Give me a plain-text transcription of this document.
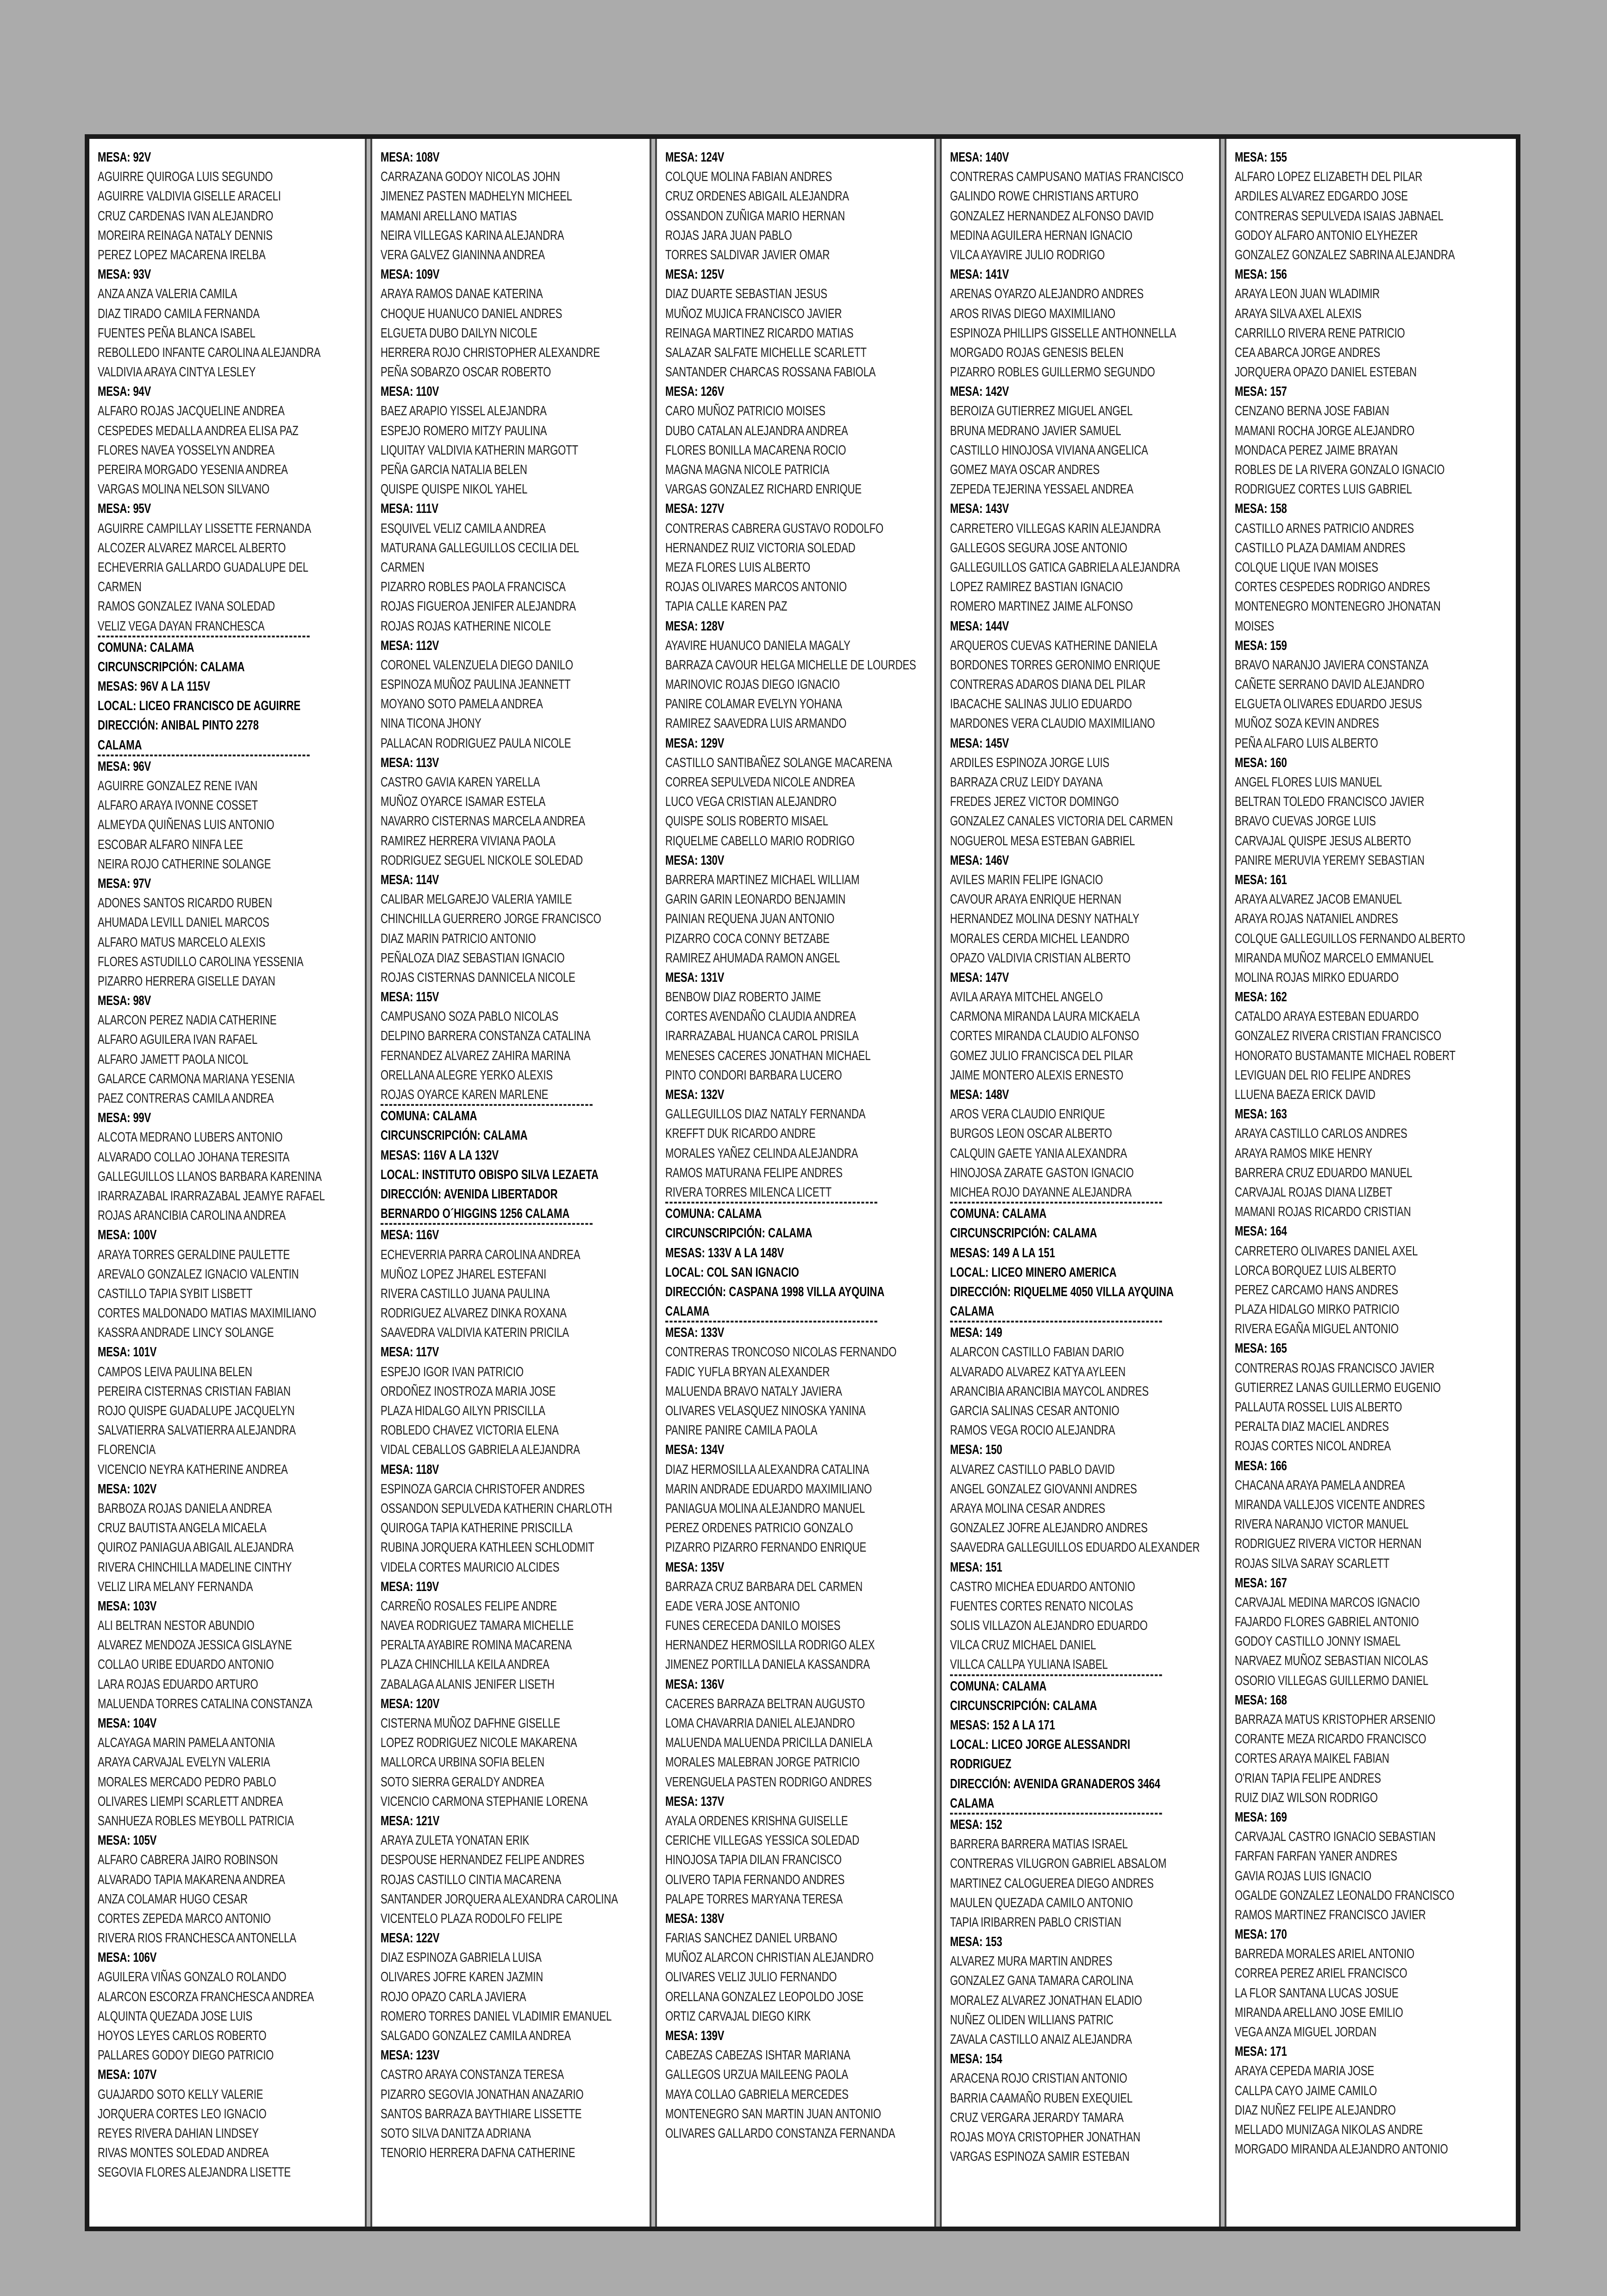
MESA: 92V
AGUIRRE QUIROGA LUIS SEGUNDO
AGUIRRE VALDIVIA GISELLE ARACELI
CRUZ CARDENAS IVAN ALEJANDRO
MOREIRA REINAGA NATALY DENNIS
PEREZ LOPEZ MACARENA IRELBA
MESA: 93V
ANZA ANZA VALERIA CAMILA
DIAZ TIRADO CAMILA FERNANDA
FUENTES PEÑA BLANCA ISABEL
REBOLLEDO INFANTE CAROLINA ALEJANDRA
VALDIVIA ARAYA CINTYA LESLEY
MESA: 94V
ALFARO ROJAS JACQUELINE ANDREA
CESPEDES MEDALLA ANDREA ELISA PAZ
FLORES NAVEA YOSSELYN ANDREA
PEREIRA MORGADO YESENIA ANDREA
VARGAS MOLINA NELSON SILVANO
MESA: 95V
AGUIRRE CAMPILLAY LISSETTE FERNANDA
ALCOZER ALVAREZ MARCEL ALBERTO
ECHEVERRIA GALLARDO GUADALUPE DEL
CARMEN
RAMOS GONZALEZ IVANA SOLEDAD
VELIZ VEGA DAYAN FRANCHESCA
COMUNA: CALAMA
CIRCUNSCRIPCIÓN: CALAMA
MESAS: 96V A LA 115V
LOCAL: LICEO FRANCISCO DE AGUIRRE
DIRECCIÓN: ANIBAL PINTO 2278
CALAMA
MESA: 96V
AGUIRRE GONZALEZ RENE IVAN
ALFARO ARAYA IVONNE COSSET
ALMEYDA QUIÑENAS LUIS ANTONIO
ESCOBAR ALFARO NINFA LEE
NEIRA ROJO CATHERINE SOLANGE
MESA: 97V
ADONES SANTOS RICARDO RUBEN
AHUMADA LEVILL DANIEL MARCOS
ALFARO MATUS MARCELO ALEXIS
FLORES ASTUDILLO CAROLINA YESSENIA
PIZARRO HERRERA GISELLE DAYAN
MESA: 98V
ALARCON PEREZ NADIA CATHERINE
ALFARO AGUILERA IVAN RAFAEL
ALFARO JAMETT PAOLA NICOL
GALARCE CARMONA MARIANA YESENIA
PAEZ CONTRERAS CAMILA ANDREA
MESA: 99V
ALCOTA MEDRANO LUBERS ANTONIO
ALVARADO COLLAO JOHANA TERESITA
GALLEGUILLOS LLANOS BARBARA KARENINA
IRARRAZABAL IRARRAZABAL JEAMYE RAFAEL
ROJAS ARANCIBIA CAROLINA ANDREA
MESA: 100V
ARAYA TORRES GERALDINE PAULETTE
AREVALO GONZALEZ IGNACIO VALENTIN
CASTILLO TAPIA SYBIT LISBETT
CORTES MALDONADO MATIAS MAXIMILIANO
KASSRA ANDRADE LINCY SOLANGE
MESA: 101V
CAMPOS LEIVA PAULINA BELEN
PEREIRA CISTERNAS CRISTIAN FABIAN
ROJO QUISPE GUADALUPE JACQUELYN
SALVATIERRA SALVATIERRA ALEJANDRA
FLORENCIA
VICENCIO NEYRA KATHERINE ANDREA
MESA: 102V
BARBOZA ROJAS DANIELA ANDREA
CRUZ BAUTISTA ANGELA MICAELA
QUIROZ PANIAGUA ABIGAIL ALEJANDRA
RIVERA CHINCHILLA MADELINE CINTHY
VELIZ LIRA MELANY FERNANDA
MESA: 103V
ALI BELTRAN NESTOR ABUNDIO
ALVAREZ MENDOZA JESSICA GISLAYNE
COLLAO URIBE EDUARDO ANTONIO
LARA ROJAS EDUARDO ARTURO
MALUENDA TORRES CATALINA CONSTANZA
MESA: 104V
ALCAYAGA MARIN PAMELA ANTONIA
ARAYA CARVAJAL EVELYN VALERIA
MORALES MERCADO PEDRO PABLO
OLIVARES LIEMPI SCARLETT ANDREA
SANHUEZA ROBLES MEYBOLL PATRICIA
MESA: 105V
ALFARO CABRERA JAIRO ROBINSON
ALVARADO TAPIA MAKARENA ANDREA
ANZA COLAMAR HUGO CESAR
CORTES ZEPEDA MARCO ANTONIO
RIVERA RIOS FRANCHESCA ANTONELLA
MESA: 106V
AGUILERA VIÑAS GONZALO ROLANDO
ALARCON ESCORZA FRANCHESCA ANDREA
ALQUINTA QUEZADA JOSE LUIS
HOYOS LEYES CARLOS ROBERTO
PALLARES GODOY DIEGO PATRICIO
MESA: 107V
GUAJARDO SOTO KELLY VALERIE
JORQUERA CORTES LEO IGNACIO
REYES RIVERA DAHIAN LINDSEY
RIVAS MONTES SOLEDAD ANDREA
SEGOVIA FLORES ALEJANDRA LISETTE
MESA: 108V
CARRAZANA GODOY NICOLAS JOHN
JIMENEZ PASTEN MADHELYN MICHEEL
MAMANI ARELLANO MATIAS
NEIRA VILLEGAS KARINA ALEJANDRA
VERA GALVEZ GIANINNA ANDREA
MESA: 109V
ARAYA RAMOS DANAE KATERINA
CHOQUE HUANUCO DANIEL ANDRES
ELGUETA DUBO DAILYN NICOLE
HERRERA ROJO CHRISTOPHER ALEXANDRE
PEÑA SOBARZO OSCAR ROBERTO
MESA: 110V
BAEZ ARAPIO YISSEL ALEJANDRA
ESPEJO ROMERO MITZY PAULINA
LIQUITAY VALDIVIA KATHERIN MARGOTT
PEÑA GARCIA NATALIA BELEN
QUISPE QUISPE NIKOL YAHEL
MESA: 111V
ESQUIVEL VELIZ CAMILA ANDREA
MATURANA GALLEGUILLOS CECILIA DEL
CARMEN
PIZARRO ROBLES PAOLA FRANCISCA
ROJAS FIGUEROA JENIFER ALEJANDRA
ROJAS ROJAS KATHERINE NICOLE
MESA: 112V
CORONEL VALENZUELA DIEGO DANILO
ESPINOZA MUÑOZ PAULINA JEANNETT
MOYANO SOTO PAMELA ANDREA
NINA TICONA JHONY
PALLACAN RODRIGUEZ PAULA NICOLE
MESA: 113V
CASTRO GAVIA KAREN YARELLA
MUÑOZ OYARCE ISAMAR ESTELA
NAVARRO CISTERNAS MARCELA ANDREA
RAMIREZ HERRERA VIVIANA PAOLA
RODRIGUEZ SEGUEL NICKOLE SOLEDAD
MESA: 114V
CALIBAR MELGAREJO VALERIA YAMILE
CHINCHILLA GUERRERO JORGE FRANCISCO
DIAZ MARIN PATRICIO ANTONIO
PEÑALOZA DIAZ SEBASTIAN IGNACIO
ROJAS CISTERNAS DANNICELA NICOLE
MESA: 115V
CAMPUSANO SOZA PABLO NICOLAS
DELPINO BARRERA CONSTANZA CATALINA
FERNANDEZ ALVAREZ ZAHIRA MARINA
ORELLANA ALEGRE YERKO ALEXIS
ROJAS OYARCE KAREN MARLENE
COMUNA: CALAMA
CIRCUNSCRIPCIÓN: CALAMA
MESAS: 116V A LA 132V
LOCAL: INSTITUTO OBISPO SILVA LEZAETA
DIRECCIÓN: AVENIDA LIBERTADOR
BERNARDO O´HIGGINS 1256 CALAMA
MESA: 116V
ECHEVERRIA PARRA CAROLINA ANDREA
MUÑOZ LOPEZ JHAREL ESTEFANI
RIVERA CASTILLO JUANA PAULINA
RODRIGUEZ ALVAREZ DINKA ROXANA
SAAVEDRA VALDIVIA KATERIN PRICILA
MESA: 117V
ESPEJO IGOR IVAN PATRICIO
ORDOÑEZ INOSTROZA MARIA JOSE
PLAZA HIDALGO AILYN PRISCILLA
ROBLEDO CHAVEZ VICTORIA ELENA
VIDAL CEBALLOS GABRIELA ALEJANDRA
MESA: 118V
ESPINOZA GARCIA CHRISTOFER ANDRES
OSSANDON SEPULVEDA KATHERIN CHARLOTH
QUIROGA TAPIA KATHERINE PRISCILLA
RUBINA JORQUERA KATHLEEN SCHLODMIT
VIDELA CORTES MAURICIO ALCIDES
MESA: 119V
CARREÑO ROSALES FELIPE ANDRE
NAVEA RODRIGUEZ TAMARA MICHELLE
PERALTA AYABIRE ROMINA MACARENA
PLAZA CHINCHILLA KEILA ANDREA
ZABALAGA ALANIS JENIFER LISETH
MESA: 120V
CISTERNA MUÑOZ DAFHNE GISELLE
LOPEZ RODRIGUEZ NICOLE MAKARENA
MALLORCA URBINA SOFIA BELEN
SOTO SIERRA GERALDY ANDREA
VICENCIO CARMONA STEPHANIE LORENA
MESA: 121V
ARAYA ZULETA YONATAN ERIK
DESPOUSE HERNANDEZ FELIPE ANDRES
ROJAS CASTILLO CINTIA MACARENA
SANTANDER JORQUERA ALEXANDRA CAROLINA
VICENTELO PLAZA RODOLFO FELIPE
MESA: 122V
DIAZ ESPINOZA GABRIELA LUISA
OLIVARES JOFRE KAREN JAZMIN
ROJO OPAZO CARLA JAVIERA
ROMERO TORRES DANIEL VLADIMIR EMANUEL
SALGADO GONZALEZ CAMILA ANDREA
MESA: 123V
CASTRO ARAYA CONSTANZA TERESA
PIZARRO SEGOVIA JONATHAN ANAZARIO
SANTOS BARRAZA BAYTHIARE LISSETTE
SOTO SILVA DANITZA ADRIANA
TENORIO HERRERA DAFNA CATHERINE
MESA: 124V
COLQUE MOLINA FABIAN ANDRES
CRUZ ORDENES ABIGAIL ALEJANDRA
OSSANDON ZUÑIGA MARIO HERNAN
ROJAS JARA JUAN PABLO
TORRES SALDIVAR JAVIER OMAR
MESA: 125V
DIAZ DUARTE SEBASTIAN JESUS
MUÑOZ MUJICA FRANCISCO JAVIER
REINAGA MARTINEZ RICARDO MATIAS
SALAZAR SALFATE MICHELLE SCARLETT
SANTANDER CHARCAS ROSSANA FABIOLA
MESA: 126V
CARO MUÑOZ PATRICIO MOISES
DUBO CATALAN ALEJANDRA ANDREA
FLORES BONILLA MACARENA ROCIO
MAGNA MAGNA NICOLE PATRICIA
VARGAS GONZALEZ RICHARD ENRIQUE
MESA: 127V
CONTRERAS CABRERA GUSTAVO RODOLFO
HERNANDEZ RUIZ VICTORIA SOLEDAD
MEZA FLORES LUIS ALBERTO
ROJAS OLIVARES MARCOS ANTONIO
TAPIA CALLE KAREN PAZ
MESA: 128V
AYAVIRE HUANUCO DANIELA MAGALY
BARRAZA CAVOUR HELGA MICHELLE DE LOURDES
MARINOVIC ROJAS DIEGO IGNACIO
PANIRE COLAMAR EVELYN YOHANA
RAMIREZ SAAVEDRA LUIS ARMANDO
MESA: 129V
CASTILLO SANTIBAÑEZ SOLANGE MACARENA
CORREA SEPULVEDA NICOLE ANDREA
LUCO VEGA CRISTIAN ALEJANDRO
QUISPE SOLIS ROBERTO MISAEL
RIQUELME CABELLO MARIO RODRIGO
MESA: 130V
BARRERA MARTINEZ MICHAEL WILLIAM
GARIN GARIN LEONARDO BENJAMIN
PAINIAN REQUENA JUAN ANTONIO
PIZARRO COCA CONNY BETZABE
RAMIREZ AHUMADA RAMON ANGEL
MESA: 131V
BENBOW DIAZ ROBERTO JAIME
CORTES AVENDAÑO CLAUDIA ANDREA
IRARRAZABAL HUANCA CAROL PRISILA
MENESES CACERES JONATHAN MICHAEL
PINTO CONDORI BARBARA LUCERO
MESA: 132V
GALLEGUILLOS DIAZ NATALY FERNANDA
KREFFT DUK RICARDO ANDRE
MORALES YAÑEZ CELINDA ALEJANDRA
RAMOS MATURANA FELIPE ANDRES
RIVERA TORRES MILENCA LICETT
COMUNA: CALAMA
CIRCUNSCRIPCIÓN: CALAMA
MESAS: 133V A LA 148V
LOCAL: COL SAN IGNACIO
DIRECCIÓN: CASPANA 1998 VILLA AYQUINA
CALAMA
MESA: 133V
CONTRERAS TRONCOSO NICOLAS FERNANDO
FADIC YUFLA BRYAN ALEXANDER
MALUENDA BRAVO NATALY JAVIERA
OLIVARES VELASQUEZ NINOSKA YANINA
PANIRE PANIRE CAMILA PAOLA
MESA: 134V
DIAZ HERMOSILLA ALEXANDRA CATALINA
MARIN ANDRADE EDUARDO MAXIMILIANO
PANIAGUA MOLINA ALEJANDRO MANUEL
PEREZ ORDENES PATRICIO GONZALO
PIZARRO PIZARRO FERNANDO ENRIQUE
MESA: 135V
BARRAZA CRUZ BARBARA DEL CARMEN
EADE VERA JOSE ANTONIO
FUNES CERECEDA DANILO MOISES
HERNANDEZ HERMOSILLA RODRIGO ALEX
JIMENEZ PORTILLA DANIELA KASSANDRA
MESA: 136V
CACERES BARRAZA BELTRAN AUGUSTO
LOMA CHAVARRIA DANIEL ALEJANDRO
MALUENDA MALUENDA PRICILLA DANIELA
MORALES MALEBRAN JORGE PATRICIO
VERENGUELA PASTEN RODRIGO ANDRES
MESA: 137V
AYALA ORDENES KRISHNA GUISELLE
CERICHE VILLEGAS YESSICA SOLEDAD
HINOJOSA TAPIA DILAN FRANCISCO
OLIVERO TAPIA FERNANDO ANDRES
PALAPE TORRES MARYANA TERESA
MESA: 138V
FARIAS SANCHEZ DANIEL URBANO
MUÑOZ ALARCON CHRISTIAN ALEJANDRO
OLIVARES VELIZ JULIO FERNANDO
ORELLANA GONZALEZ LEOPOLDO JOSE
ORTIZ CARVAJAL DIEGO KIRK
MESA: 139V
CABEZAS CABEZAS ISHTAR MARIANA
GALLEGOS URZUA MAILEENG PAOLA
MAYA COLLAO GABRIELA MERCEDES
MONTENEGRO SAN MARTIN JUAN ANTONIO
OLIVARES GALLARDO CONSTANZA FERNANDA
MESA: 140V
CONTRERAS CAMPUSANO MATIAS FRANCISCO
GALINDO ROWE CHRISTIANS ARTURO
GONZALEZ HERNANDEZ ALFONSO DAVID
MEDINA AGUILERA HERNAN IGNACIO
VILCA AYAVIRE JULIO RODRIGO
MESA: 141V
ARENAS OYARZO ALEJANDRO ANDRES
AROS RIVAS DIEGO MAXIMILIANO
ESPINOZA PHILLIPS GISSELLE ANTHONNELLA
MORGADO ROJAS GENESIS BELEN
PIZARRO ROBLES GUILLERMO SEGUNDO
MESA: 142V
BEROIZA GUTIERREZ MIGUEL ANGEL
BRUNA MEDRANO JAVIER SAMUEL
CASTILLO HINOJOSA VIVIANA ANGELICA
GOMEZ MAYA OSCAR ANDRES
ZEPEDA TEJERINA YESSAEL ANDREA
MESA: 143V
CARRETERO VILLEGAS KARIN ALEJANDRA
GALLEGOS SEGURA JOSE ANTONIO
GALLEGUILLOS GATICA GABRIELA ALEJANDRA
LOPEZ RAMIREZ BASTIAN IGNACIO
ROMERO MARTINEZ JAIME ALFONSO
MESA: 144V
ARQUEROS CUEVAS KATHERINE DANIELA
BORDONES TORRES GERONIMO ENRIQUE
CONTRERAS ADAROS DIANA DEL PILAR
IBACACHE SALINAS JULIO EDUARDO
MARDONES VERA CLAUDIO MAXIMILIANO
MESA: 145V
ARDILES ESPINOZA JORGE LUIS
BARRAZA CRUZ LEIDY DAYANA
FREDES JEREZ VICTOR DOMINGO
GONZALEZ CANALES VICTORIA DEL CARMEN
NOGUEROL MESA ESTEBAN GABRIEL
MESA: 146V
AVILES MARIN FELIPE IGNACIO
CAVOUR ARAYA ENRIQUE HERNAN
HERNANDEZ MOLINA DESNY NATHALY
MORALES CERDA MICHEL LEANDRO
OPAZO VALDIVIA CRISTIAN ALBERTO
MESA: 147V
AVILA ARAYA MITCHEL ANGELO
CARMONA MIRANDA LAURA MICKAELA
CORTES MIRANDA CLAUDIO ALFONSO
GOMEZ JULIO FRANCISCA DEL PILAR
JAIME MONTERO ALEXIS ERNESTO
MESA: 148V
AROS VERA CLAUDIO ENRIQUE
BURGOS LEON OSCAR ALBERTO
CALQUIN GAETE YANIA ALEXANDRA
HINOJOSA ZARATE GASTON IGNACIO
MICHEA ROJO DAYANNE ALEJANDRA
COMUNA: CALAMA
CIRCUNSCRIPCIÓN: CALAMA
MESAS: 149 A LA 151
LOCAL: LICEO MINERO AMERICA
DIRECCIÓN: RIQUELME 4050 VILLA AYQUINA
CALAMA
MESA: 149
ALARCON CASTILLO FABIAN DARIO
ALVARADO ALVAREZ KATYA AYLEEN
ARANCIBIA ARANCIBIA MAYCOL ANDRES
GARCIA SALINAS CESAR ANTONIO
RAMOS VEGA ROCIO ALEJANDRA
MESA: 150
ALVAREZ CASTILLO PABLO DAVID
ANGEL GONZALEZ GIOVANNI ANDRES
ARAYA MOLINA CESAR ANDRES
GONZALEZ JOFRE ALEJANDRO ANDRES
SAAVEDRA GALLEGUILLOS EDUARDO ALEXANDER
MESA: 151
CASTRO MICHEA EDUARDO ANTONIO
FUENTES CORTES RENATO NICOLAS
SOLIS VILLAZON ALEJANDRO EDUARDO
VILCA CRUZ MICHAEL DANIEL
VILLCA CALLPA YULIANA ISABEL
COMUNA: CALAMA
CIRCUNSCRIPCIÓN: CALAMA
MESAS: 152 A LA 171
LOCAL: LICEO JORGE ALESSANDRI
RODRIGUEZ
DIRECCIÓN: AVENIDA GRANADEROS 3464
CALAMA
MESA: 152
BARRERA BARRERA MATIAS ISRAEL
CONTRERAS VILUGRON GABRIEL ABSALOM
MARTINEZ CALOGUEREA DIEGO ANDRES
MAULEN QUEZADA CAMILO ANTONIO
TAPIA IRIBARREN PABLO CRISTIAN
MESA: 153
ALVAREZ MURA MARTIN ANDRES
GONZALEZ GANA TAMARA CAROLINA
MORALEZ ALVAREZ JONATHAN ELADIO
NUÑEZ OLIDEN WILLIANS PATRIC
ZAVALA CASTILLO ANAIZ ALEJANDRA
MESA: 154
ARACENA ROJO CRISTIAN ANTONIO
BARRIA CAAMAÑO RUBEN EXEQUIEL
CRUZ VERGARA JERARDY TAMARA
ROJAS MOYA CRISTOPHER JONATHAN
VARGAS ESPINOZA SAMIR ESTEBAN
MESA: 155
ALFARO LOPEZ ELIZABETH DEL PILAR
ARDILES ALVAREZ EDGARDO JOSE
CONTRERAS SEPULVEDA ISAIAS JABNAEL
GODOY ALFARO ANTONIO ELYHEZER
GONZALEZ GONZALEZ SABRINA ALEJANDRA
MESA: 156
ARAYA LEON JUAN WLADIMIR
ARAYA SILVA AXEL ALEXIS
CARRILLO RIVERA RENE PATRICIO
CEA ABARCA JORGE ANDRES
JORQUERA OPAZO DANIEL ESTEBAN
MESA: 157
CENZANO BERNA JOSE FABIAN
MAMANI ROCHA JORGE ALEJANDRO
MONDACA PEREZ JAIME BRAYAN
ROBLES DE LA RIVERA GONZALO IGNACIO
RODRIGUEZ CORTES LUIS GABRIEL
MESA: 158
CASTILLO ARNES PATRICIO ANDRES
CASTILLO PLAZA DAMIAM ANDRES
COLQUE LIQUE IVAN MOISES
CORTES CESPEDES RODRIGO ANDRES
MONTENEGRO MONTENEGRO JHONATAN
MOISES
MESA: 159
BRAVO NARANJO JAVIERA CONSTANZA
CAÑETE SERRANO DAVID ALEJANDRO
ELGUETA OLIVARES EDUARDO JESUS
MUÑOZ SOZA KEVIN ANDRES
PEÑA ALFARO LUIS ALBERTO
MESA: 160
ANGEL FLORES LUIS MANUEL
BELTRAN TOLEDO FRANCISCO JAVIER
BRAVO CUEVAS JORGE LUIS
CARVAJAL QUISPE JESUS ALBERTO
PANIRE MERUVIA YEREMY SEBASTIAN
MESA: 161
ARAYA ALVAREZ JACOB EMANUEL
ARAYA ROJAS NATANIEL ANDRES
COLQUE GALLEGUILLOS FERNANDO ALBERTO
MIRANDA MUÑOZ MARCELO EMMANUEL
MOLINA ROJAS MIRKO EDUARDO
MESA: 162
CATALDO ARAYA ESTEBAN EDUARDO
GONZALEZ RIVERA CRISTIAN FRANCISCO
HONORATO BUSTAMANTE MICHAEL ROBERT
LEVIGUAN DEL RIO FELIPE ANDRES
LLUENA BAEZA ERICK DAVID
MESA: 163
ARAYA CASTILLO CARLOS ANDRES
ARAYA RAMOS MIKE HENRY
BARRERA CRUZ EDUARDO MANUEL
CARVAJAL ROJAS DIANA LIZBET
MAMANI ROJAS RICARDO CRISTIAN
MESA: 164
CARRETERO OLIVARES DANIEL AXEL
LORCA BORQUEZ LUIS ALBERTO
PEREZ CARCAMO HANS ANDRES
PLAZA HIDALGO MIRKO PATRICIO
RIVERA EGAÑA MIGUEL ANTONIO
MESA: 165
CONTRERAS ROJAS FRANCISCO JAVIER
GUTIERREZ LANAS GUILLERMO EUGENIO
PALLAUTA ROSSEL LUIS ALBERTO
PERALTA DIAZ MACIEL ANDRES
ROJAS CORTES NICOL ANDREA
MESA: 166
CHACANA ARAYA PAMELA ANDREA
MIRANDA VALLEJOS VICENTE ANDRES
RIVERA NARANJO VICTOR MANUEL
RODRIGUEZ RIVERA VICTOR HERNAN
ROJAS SILVA SARAY SCARLETT
MESA: 167
CARVAJAL MEDINA MARCOS IGNACIO
FAJARDO FLORES GABRIEL ANTONIO
GODOY CASTILLO JONNY ISMAEL
NARVAEZ MUÑOZ SEBASTIAN NICOLAS
OSORIO VILLEGAS GUILLERMO DANIEL
MESA: 168
BARRAZA MATUS KRISTOPHER ARSENIO
CORANTE MEZA RICARDO FRANCISCO
CORTES ARAYA MAIKEL FABIAN
O'RIAN TAPIA FELIPE ANDRES
RUIZ DIAZ WILSON RODRIGO
MESA: 169
CARVAJAL CASTRO IGNACIO SEBASTIAN
FARFAN FARFAN YANER ANDRES
GAVIA ROJAS LUIS IGNACIO
OGALDE GONZALEZ LEONALDO FRANCISCO
RAMOS MARTINEZ FRANCISCO JAVIER
MESA: 170
BARREDA MORALES ARIEL ANTONIO
CORREA PEREZ ARIEL FRANCISCO
LA FLOR SANTANA LUCAS JOSUE
MIRANDA ARELLANO JOSE EMILIO
VEGA ANZA MIGUEL JORDAN
MESA: 171
ARAYA CEPEDA MARIA JOSE
CALLPA CAYO JAIME CAMILO
DIAZ NUÑEZ FELIPE ALEJANDRO
MELLADO MUNIZAGA NIKOLAS ANDRE
MORGADO MIRANDA ALEJANDRO ANTONIO
